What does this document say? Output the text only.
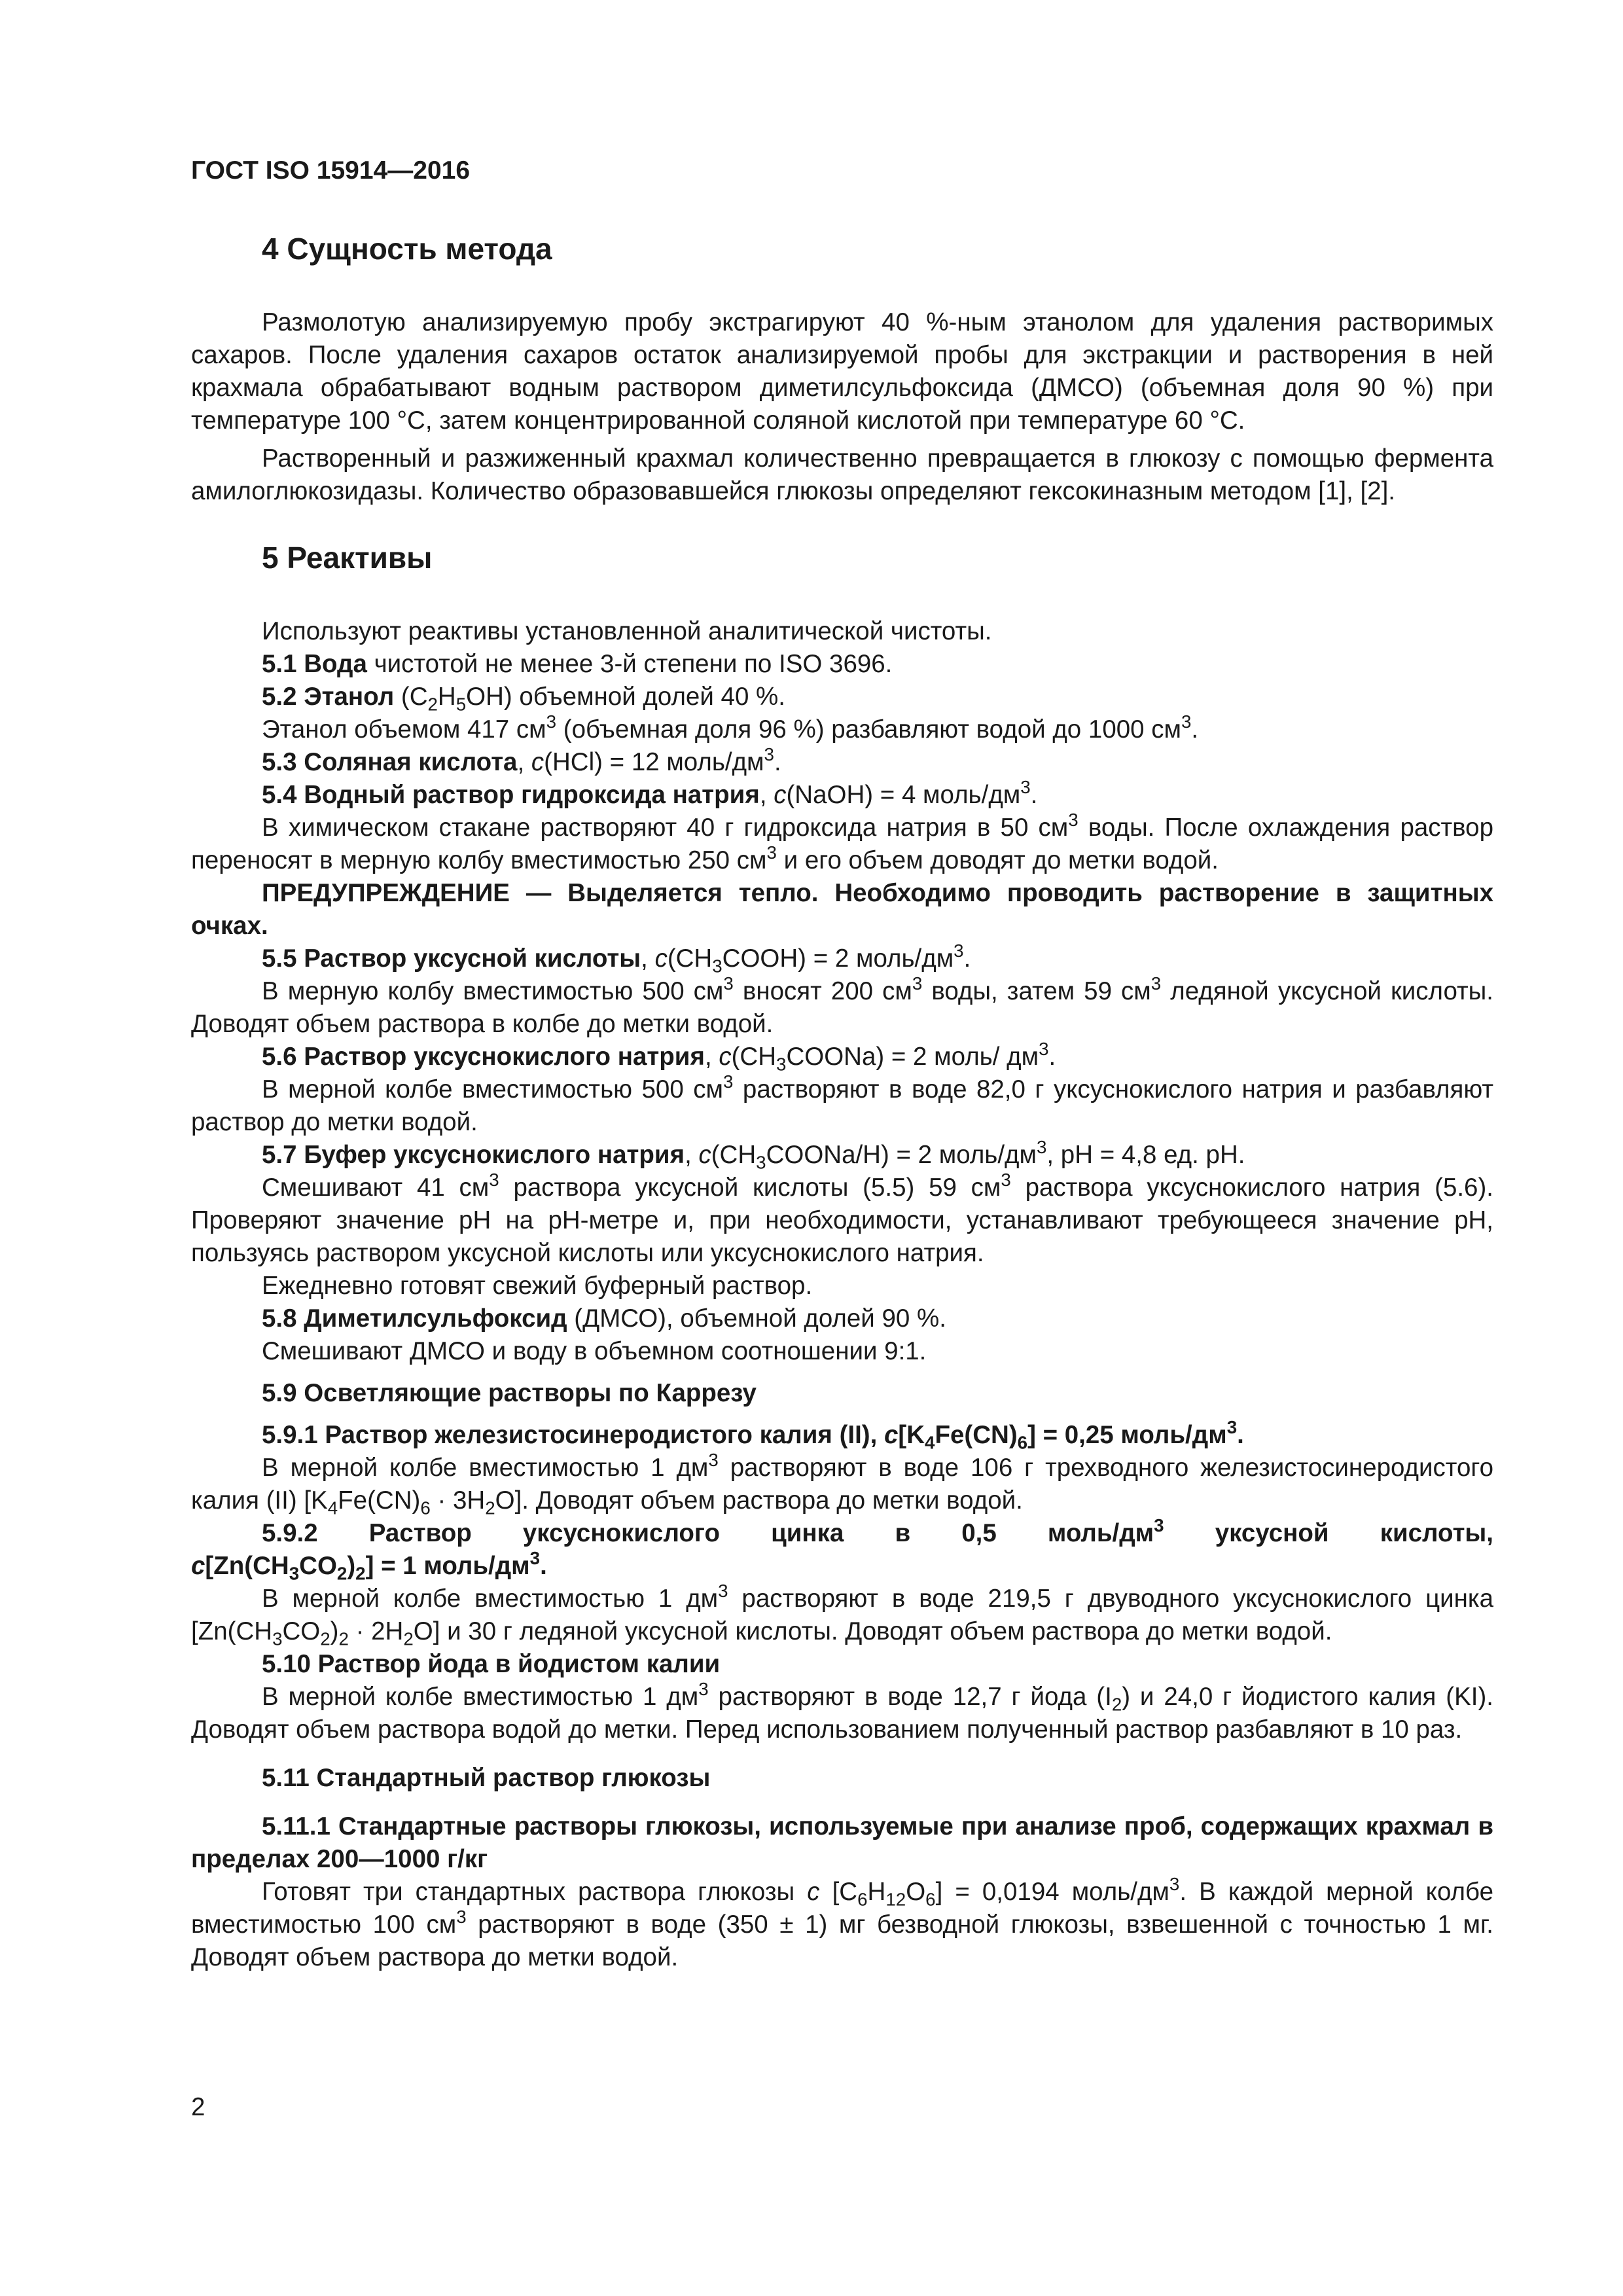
ГОСТ ISO 15914—2016
4 Сущность метода

Размолотую анализируемую пробу экстрагируют 40 %-ным этанолом для удаления растворимых сахаров. После удаления сахаров остаток анализируемой пробы для экстракции и растворения в ней крахмала обрабатывают водным раствором диметилсульфоксида (ДМСО) (объемная доля 90 %) при температуре 100 °С, затем концентрированной соляной кислотой при температуре 60 °С.

Растворенный и разжиженный крахмал количественно превращается в глюкозу с помощью фермента амилоглюкозидазы. Количество образовавшейся глюкозы определяют гексокиназным методом [1], [2].

5 Реактивы

Используют реактивы установленной аналитической чистоты.

5.1 Вода чистотой не менее 3-й степени по ISO 3696.

5.2 Этанол $(C_2H_5OH)$ объемной долей 40 %.

Этанол объемом 417 $см^3$ (объемная доля 96 %) разбавляют водой до 1000 $см^3$.

5.3 Соляная кислота, c(HCl) = 12 моль/$дм^3$.

5.4 Водный раствор гидроксида натрия, c(NaOH) = 4 моль/$дм^3$.

В химическом стакане растворяют 40 г гидроксида натрия в 50 $см^3$ воды. После охлаждения раствор переносят в мерную колбу вместимостью 250 $см^3$ и его объем доводят до метки водой.

ПРЕДУПРЕЖДЕНИЕ — Выделяется тепло. Необходимо проводить растворение в защитных очках.

5.5 Раствор уксусной кислоты, $c(CH_3COOH) = 2$ моль/$дм^3$.

В мерную колбу вместимостью 500 $см^3$ вносят 200 $см^3$ воды, затем 59 $см^3$ ледяной уксусной кислоты. Доводят объем раствора в колбе до метки водой.

5.6 Раствор уксуснокислого натрия, $c(CH_3COONa) = 2$ моль/ $дм^3$.

В мерной колбе вместимостью 500 $см^3$ растворяют в воде 82,0 г уксуснокислого натрия и разбавляют раствор до метки водой.

5.7 Буфер уксуснокислого натрия, $c(CH_3COONa/H) = 2$ моль/$дм^3$, рН = 4,8 ед. рН.

Смешивают 41 $см^3$ раствора уксусной кислоты (5.5) 59 $см^3$ раствора уксуснокислого натрия (5.6). Проверяют значение рН на рН-метре и, при необходимости, устанавливают требующееся значение рН, пользуясь раствором уксусной кислоты или уксуснокислого натрия.

Ежедневно готовят свежий буферный раствор.

5.8 Диметилсульфоксид (ДМСО), объемной долей 90 %.

Смешивают ДМСО и воду в объемном соотношении 9:1.

5.9 Осветляющие растворы по Каррезу

5.9.1 Раствор железистосинеродистого калия (II), $c[K_4Fe(CN)_6] = 0,25$ моль/$дм^3$.

В мерной колбе вместимостью 1 $дм^3$ растворяют в воде 106 г трехводного железистосинеродистого калия (II) $[K_4Fe(CN)_6 \cdot 3H_2O]$. Доводят объем раствора до метки водой.

5.9.2 Раствор уксуснокислого цинка в 0,5 моль/$дм^3$ уксусной кислоты,

$c[Zn(CH_3CO_2)_2] = 1$ моль/$дм^3$.

В мерной колбе вместимостью 1 $дм^3$ растворяют в воде 219,5 г двуводного уксуснокислого цинка $[Zn(CH_3CO_2)_2 \cdot 2H_2O]$ и 30 г ледяной уксусной кислоты. Доводят объем раствора до метки водой.

5.10 Раствор йода в йодистом калии

В мерной колбе вместимостью 1 $дм^3$ растворяют в воде 12,7 г йода $(I_2)$ и 24,0 г йодистого калия (KI). Доводят объем раствора водой до метки. Перед использованием полученный раствор разбавляют в 10 раз.

5.11 Стандартный раствор глюкозы

5.11.1 Стандартные растворы глюкозы, используемые при анализе проб, содержащих крахмал в пределах 200—1000 г/кг

Готовят три стандартных раствора глюкозы c $[C_6H_{12}O_6] = 0,0194$ моль/$дм^3$. В каждой мерной колбе вместимостью 100 $см^3$ растворяют в воде (350 ± 1) мг безводной глюкозы, взвешенной с точностью 1 мг. Доводят объем раствора до метки водой.

2
